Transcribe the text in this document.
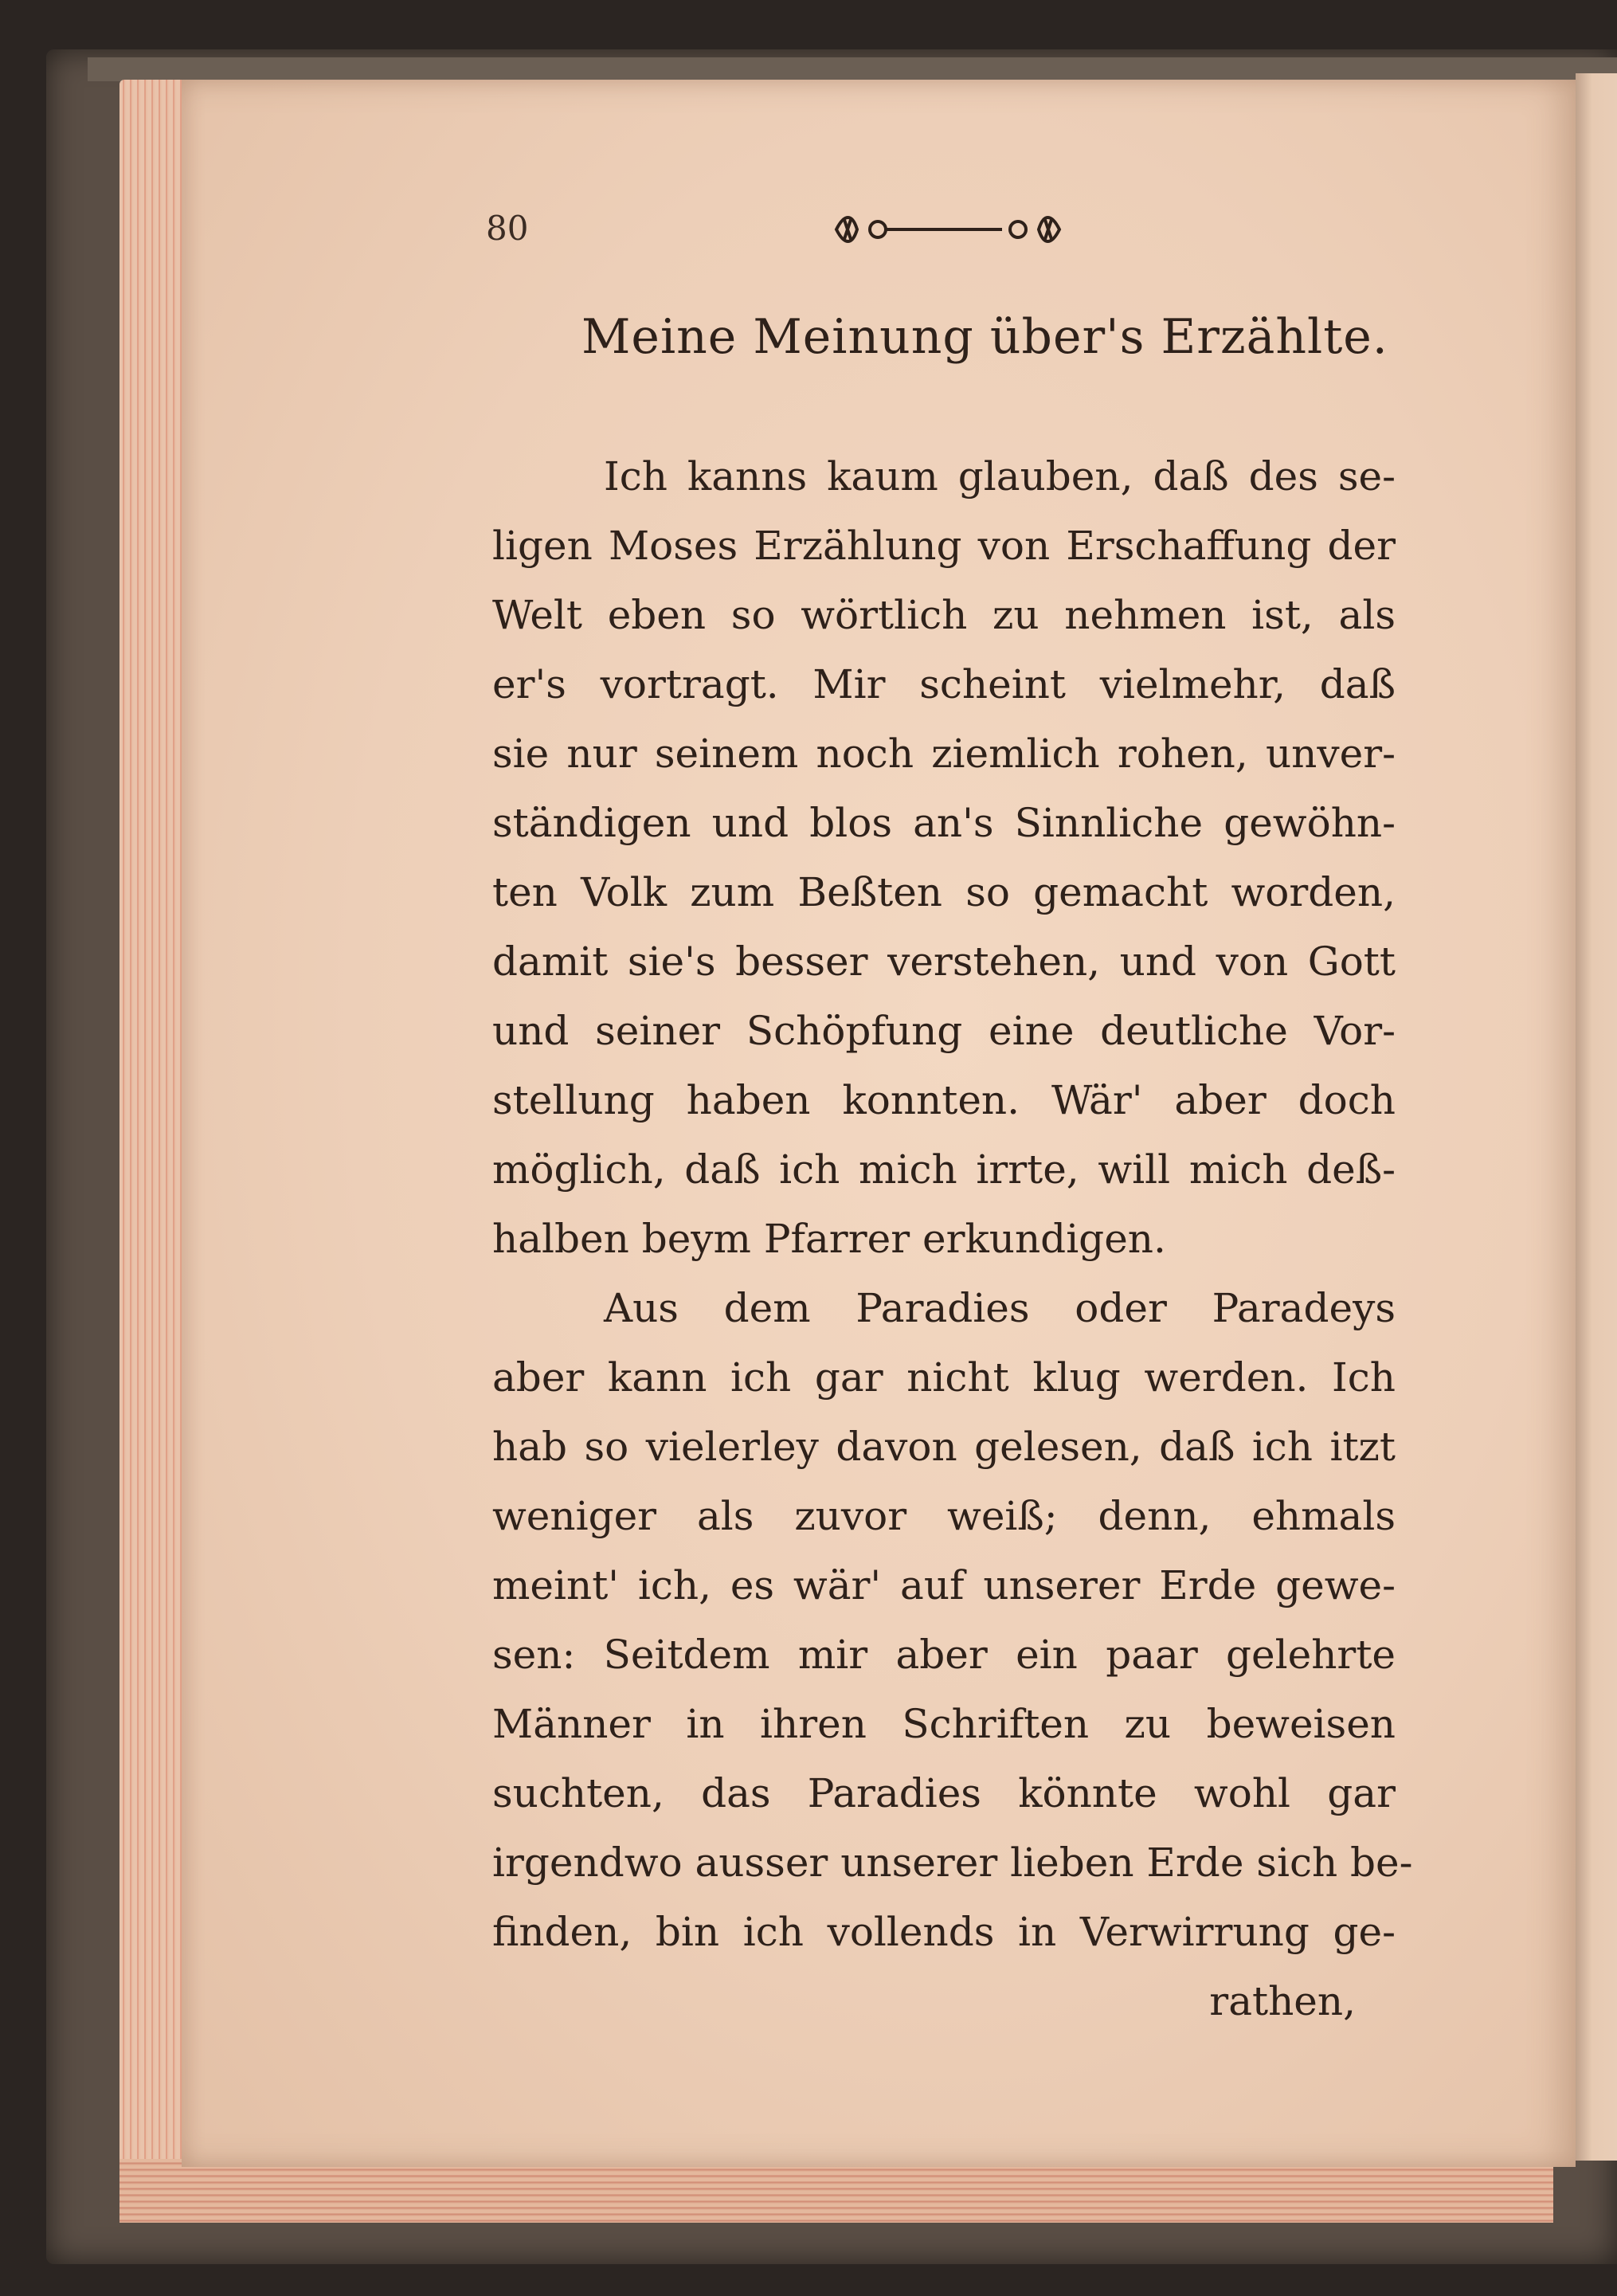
80
Meine Meinung über's Erzählte.
Ich kanns kaum glauben, daß des se-
ligen Moses Erzählung von Erschaffung der
Welt eben so wörtlich zu nehmen ist, als
er's vortragt. Mir scheint vielmehr, daß
sie nur seinem noch ziemlich rohen, unver-
ständigen und blos an's Sinnliche gewöhn-
ten Volk zum Beßten so gemacht worden,
damit sie's besser verstehen, und von Gott
und seiner Schöpfung eine deutliche Vor-
stellung haben konnten. Wär' aber doch
möglich, daß ich mich irrte, will mich deß-
halben beym Pfarrer erkundigen.
Aus dem Paradies oder Paradeys
aber kann ich gar nicht klug werden. Ich
hab so vielerley davon gelesen, daß ich itzt
weniger als zuvor weiß; denn, ehmals
meint' ich, es wär' auf unserer Erde gewe-
sen: Seitdem mir aber ein paar gelehrte
Männer in ihren Schriften zu beweisen
suchten, das Paradies könnte wohl gar
irgendwo ausser unserer lieben Erde sich be-
finden, bin ich vollends in Verwirrung ge-
rathen,
